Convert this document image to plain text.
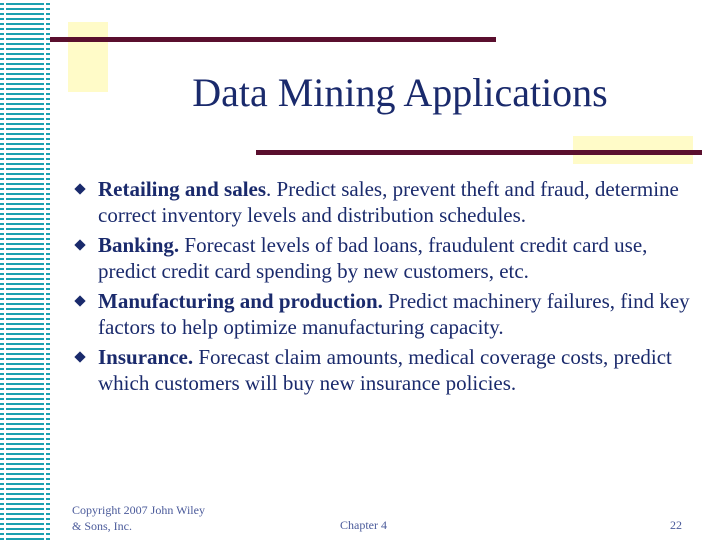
Data Mining Applications
Retailing and sales. Predict sales, prevent theft and fraud, determine correct inventory levels and distribution schedules.
Banking. Forecast levels of bad loans, fraudulent credit card use, predict credit card spending by new customers, etc.
Manufacturing and production. Predict machinery failures, find key factors to help optimize manufacturing capacity.
Insurance. Forecast claim amounts, medical coverage costs, predict which customers will buy new insurance policies.
Copyright 2007 John Wiley & Sons, Inc.	Chapter 4	22
